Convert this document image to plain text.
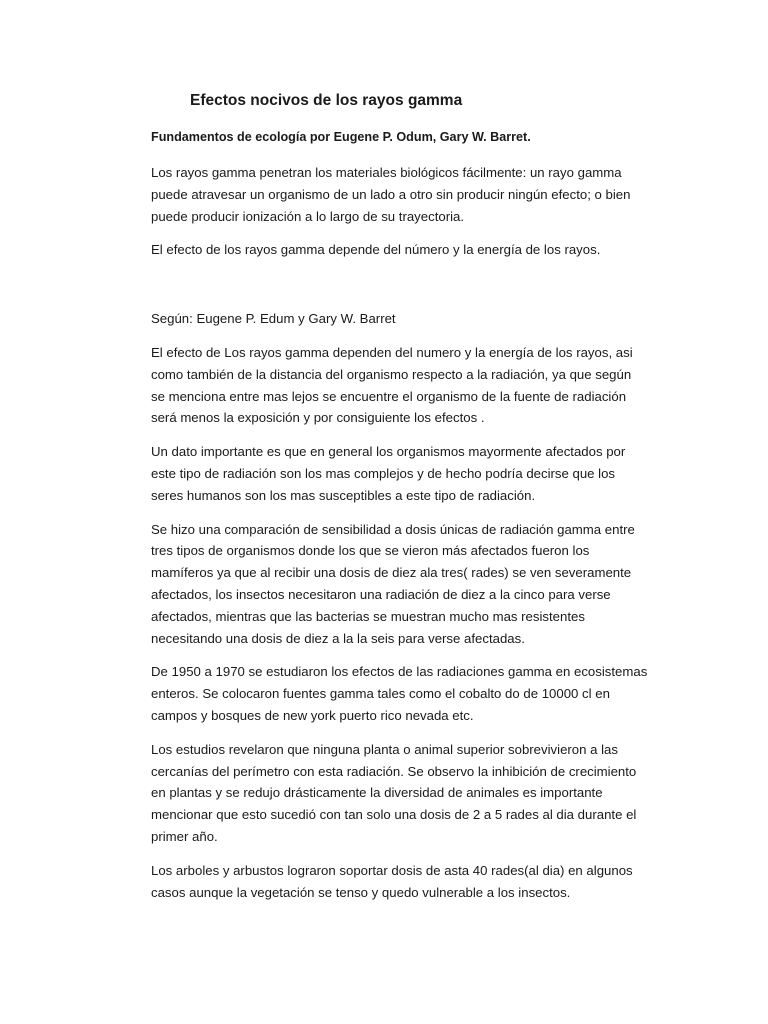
Efectos nocivos de los rayos gamma

Fundamentos de ecología por Eugene P. Odum, Gary W. Barret.

Los rayos gamma penetran los materiales biológicos fácilmente: un rayo gamma
puede atravesar un organismo de un lado a otro sin producir ningún efecto; o bien
puede producir ionización a lo largo de su trayectoria.

El efecto de los rayos gamma depende del número y la energía de los rayos.

Según: Eugene P. Edum y Gary W. Barret

El efecto de Los rayos gamma dependen del numero y la energía de los rayos, asi
como también de la distancia del organismo respecto a la radiación, ya que según
se menciona entre mas lejos se encuentre el organismo de la fuente de radiación
será menos la exposición y por consiguiente los efectos .

Un dato importante es que en general los organismos mayormente afectados por
este tipo de radiación son los mas complejos y de hecho podría decirse que los
seres humanos son los mas susceptibles a este tipo de radiación.

Se hizo una comparación de sensibilidad a dosis únicas de radiación gamma entre
tres tipos de organismos donde los que se vieron más afectados fueron los
mamíferos ya que al recibir una dosis de diez ala tres( rades) se ven severamente
afectados, los insectos necesitaron una radiación de diez a la cinco para verse
afectados, mientras que las bacterias se muestran mucho mas resistentes
necesitando una dosis de diez a la la seis para verse afectadas.

De 1950 a 1970 se estudiaron los efectos de las radiaciones gamma en ecosistemas
enteros. Se colocaron fuentes gamma tales como el cobalto do de 10000 cl en
campos y bosques de new york puerto rico nevada etc.

Los estudios revelaron que ninguna planta o animal superior sobrevivieron a las
cercanías del perímetro con esta radiación. Se observo la inhibición de crecimiento
en plantas y se redujo drásticamente la diversidad de animales es importante
mencionar que esto sucedió con tan solo una dosis de 2 a 5 rades al dia durante el
primer año.

Los arboles y arbustos lograron soportar dosis de asta 40 rades(al dia) en algunos
casos aunque la vegetación se tenso y quedo vulnerable a los insectos.
